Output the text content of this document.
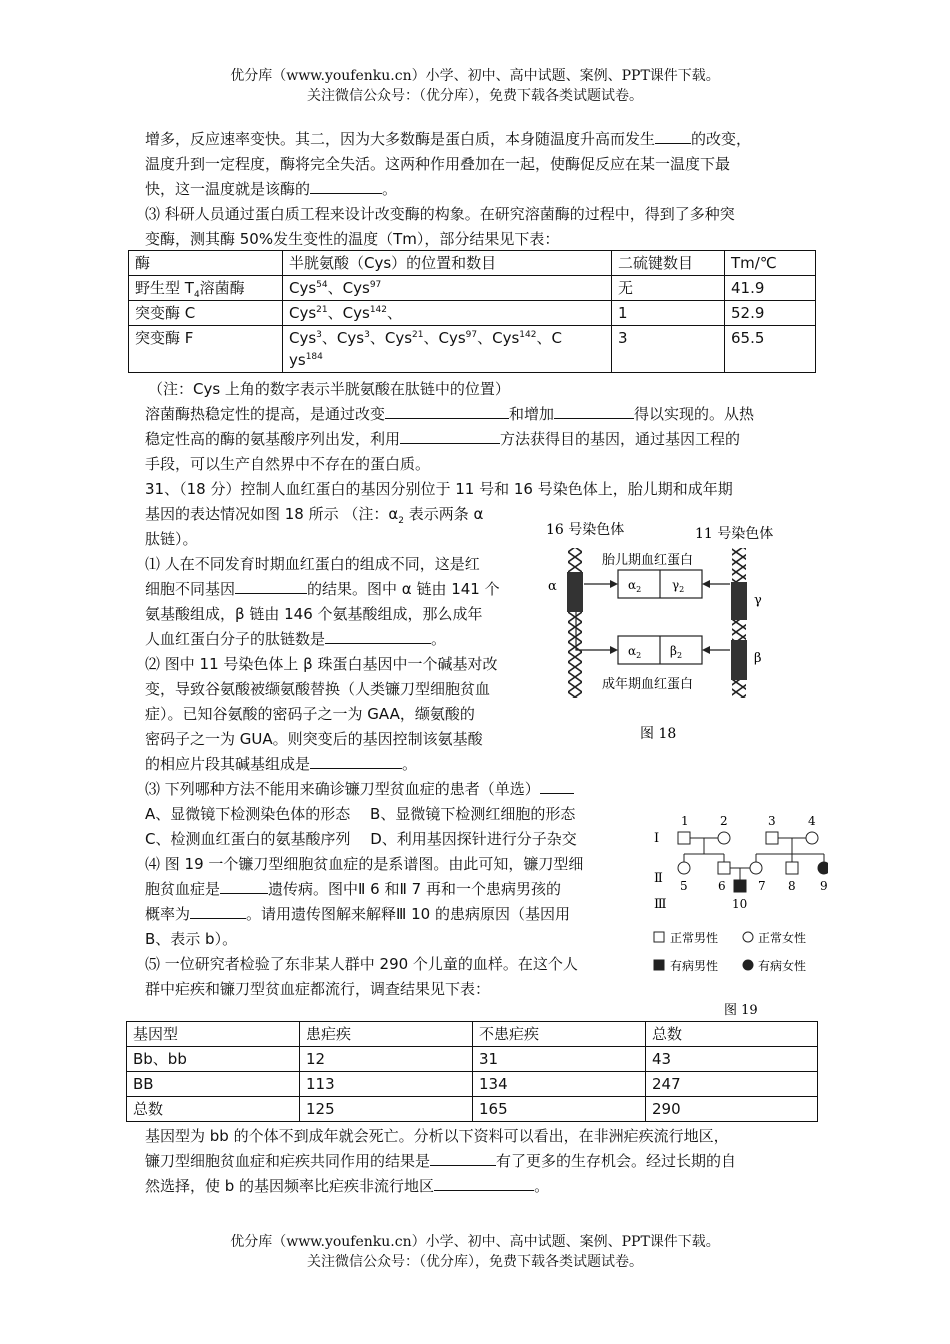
优分库（www.youfenku.cn）小学、初中、高中试题、案例、PPT课件下载。
关注微信公众号：（优分库），免费下载各类试题试卷。
增多，反应速率变快。其二，因为大多数酶是蛋白质，本身随温度升高而发生 的改变，
温度升到一定程度，酶将完全失活。这两种作用叠加在一起，使酶促反应在某一温度下最
快，这一温度就是该酶的	。
⑶ 科研人员通过蛋白质工程来设计改变酶的构象。在研究溶菌酶的过程中，得到了多种突
变酶，测其酶 50%发生变性的温度（Tm），部分结果见下表：
酶	半胱氨酸（Cys）的位置和数目	二硫键数目	Tm/℃
野生型 $T_4$溶菌酶	Cys$^{54}$、Cys$^{97}$	无	41.9
突变酶 C	Cys$^{21}$、Cys$^{142}$、	1	52.9
突变酶 F	Cys$^3$、Cys$^3$、Cys$^{21}$、Cys$^{97}$、Cys$^{142}$、C
$ys^{184}$	3	65.5
（注：Cys 上角的数字表示半胱氨酸在肽链中的位置）
溶菌酶热稳定性的提高，是通过改变	和增加	得以实现的。从热
稳定性高的酶的氨基酸序列出发，利用	方法获得目的基因，通过基因工程的
手段，可以生产自然界中不存在的蛋白质。
31、（18 分）控制人血红蛋白的基因分别位于 11 号和 16 号染色体上，胎儿期和成年期
基因的表达情况如图 18 所示 （注：$\alpha_2$ 表示两条 α
肽链）。
⑴ 人在不同发育时期血红蛋白的组成不同，这是红
细胞不同基因	的结果。图中 α 链由 141 个
氨基酸组成，β 链由 146 个氨基酸组成，那么成年
人血红蛋白分子的肽链数是	。
⑵ 图中 11 号染色体上 β 珠蛋白基因中一个碱基对改
变，导致谷氨酸被缬氨酸替换（人类镰刀型细胞贫血
症）。已知谷氨酸的密码子之一为 GAA，缬氨酸的
密码子之一为 GUA。则突变后的基因控制该氨基酸
的相应片段其碱基组成是	。
⑶ 下列哪种方法不能用来确诊镰刀型贫血症的患者（单选）
A、显微镜下检测染色体的形态　 B、显微镜下检测红细胞的形态
C、检测血红蛋白的氨基酸序列　 D、利用基因探针进行分子杂交
⑷ 图 19 一个镰刀型细胞贫血症的是系谱图。由此可知，镰刀型细
胞贫血症是	遗传病。图中Ⅱ 6 和Ⅱ 7 再和一个患病男孩的
概率为	。请用遗传图解来解释Ⅲ 10 的患病原因（基因用
B、表示 b）。
⑸ 一位研究者检验了东非某人群中 290 个儿童的血样。在这个人
群中疟疾和镰刀型贫血症都流行，调查结果见下表：
基因型	患疟疾	不患疟疾	总数
Bb、bb	12	31	43
BB	113	134	247
总数	125	165	290
基因型为 bb 的个体不到成年就会死亡。分析以下资料可以看出，在非洲疟疾流行地区，
镰刀型细胞贫血症和疟疾共同作用的结果是	有了更多的生存机会。经过长期的自
然选择，使 b 的基因频率比疟疾非流行地区	。
16 号染色体	11 号染色体
α
γ
β
胎儿期血红蛋白
$\alpha_2$	$\gamma_2$
$\alpha_2$ $\beta_2$
成年期血红蛋白
图 18
Ⅰ
Ⅱ
Ⅲ
1	2	3	4
5	6	7 8 9
10
正常男性	正常女性
有病男性	有病女性
图 19
优分库（www.youfenku.cn）小学、初中、高中试题、案例、PPT课件下载。
关注微信公众号：（优分库），免费下载各类试题试卷。
